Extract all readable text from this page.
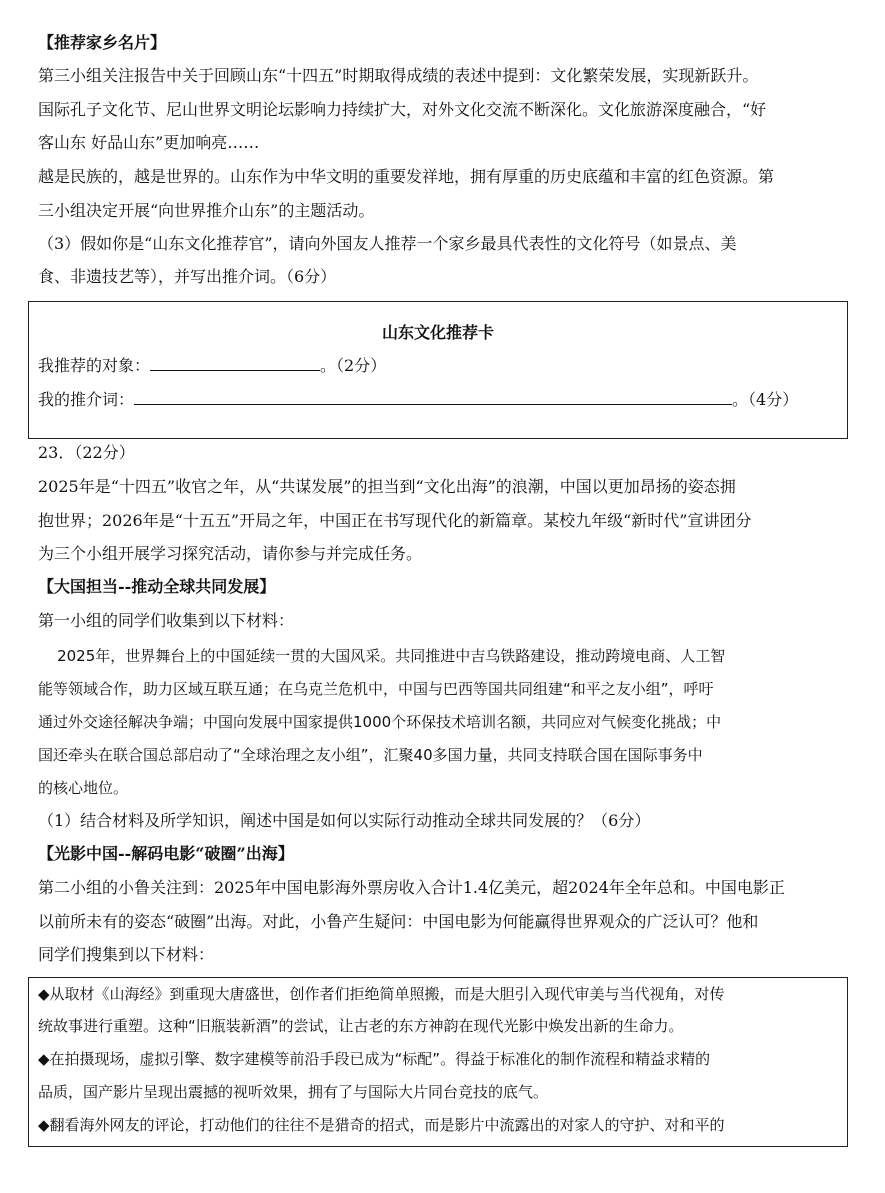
【推荐家乡名片】
第三小组关注报告中关于回顾山东“十四五”时期取得成绩的表述中提到：文化繁荣发展，实现新跃升。
国际孔子文化节、尼山世界文明论坛影响力持续扩大，对外文化交流不断深化。文化旅游深度融合，“好
客山东 好品山东”更加响亮……
越是民族的，越是世界的。山东作为中华文明的重要发祥地，拥有厚重的历史底蕴和丰富的红色资源。第
三小组决定开展“向世界推介山东”的主题活动。
（3）假如你是“山东文化推荐官”，请向外国友人推荐一个家乡最具代表性的文化符号（如景点、美
食、非遗技艺等），并写出推介词。（6分）
山东文化推荐卡
我推荐的对象：	。（2分）
我的推介词：	。（4分）
23．（22分）
2025年是“十四五”收官之年，从“共谋发展”的担当到“文化出海”的浪潮，中国以更加昂扬的姿态拥
抱世界；2026年是“十五五”开局之年，中国正在书写现代化的新篇章。某校九年级“新时代”宣讲团分
为三个小组开展学习探究活动，请你参与并完成任务。
【大国担当--推动全球共同发展】
第一小组的同学们收集到以下材料：
2025年，世界舞台上的中国延续一贯的大国风采。共同推进中吉乌铁路建设，推动跨境电商、人工智
能等领域合作，助力区域互联互通；在乌克兰危机中，中国与巴西等国共同组建“和平之友小组”，呼吁
通过外交途径解决争端；中国向发展中国家提供1000个环保技术培训名额，共同应对气候变化挑战；中
国还牵头在联合国总部启动了“全球治理之友小组”，汇聚40多国力量，共同支持联合国在国际事务中
的核心地位。
（1）结合材料及所学知识，阐述中国是如何以实际行动推动全球共同发展的？（6分）
【光影中国--解码电影“破圈”出海】
第二小组的小鲁关注到：2025年中国电影海外票房收入合计1.4亿美元，超2024年全年总和。中国电影正
以前所未有的姿态“破圈”出海。对此，小鲁产生疑问：中国电影为何能赢得世界观众的广泛认可？他和
同学们搜集到以下材料：
◆从取材《山海经》到重现大唐盛世，创作者们拒绝简单照搬，而是大胆引入现代审美与当代视角，对传
统故事进行重塑。这种“旧瓶装新酒”的尝试，让古老的东方神韵在现代光影中焕发出新的生命力。
◆在拍摄现场，虚拟引擎、数字建模等前沿手段已成为“标配”。得益于标准化的制作流程和精益求精的
品质，国产影片呈现出震撼的视听效果，拥有了与国际大片同台竞技的底气。
◆翻看海外网友的评论，打动他们的往往不是猎奇的招式，而是影片中流露出的对家人的守护、对和平的
